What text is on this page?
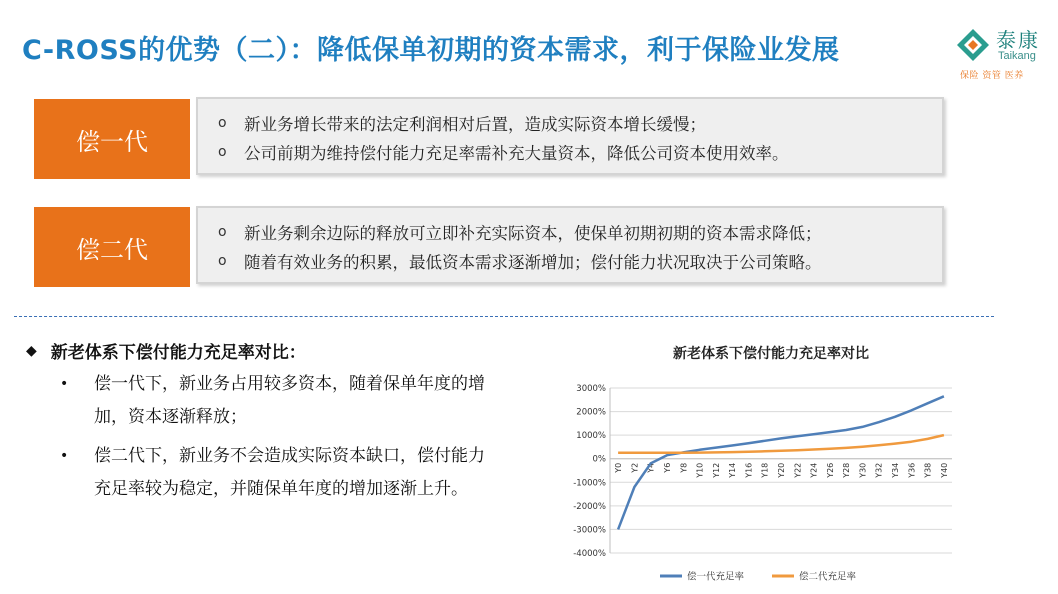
C-ROSS的优势（二）：降低保单初期的资本需求，利于保险业发展	泰康
Taikang
保险 资管 医养
偿一代
o	新业务增长带来的法定利润相对后置，造成实际资本增长缓慢；
o	公司前期为维持偿付能力充足率需补充大量资本，降低公司资本使用效率。
偿二代
o	新业务剩余边际的释放可立即补充实际资本，使保单初期初期的资本需求降低；
o	随着有效业务的积累，最低资本需求逐渐增加；偿付能力状况取决于公司策略。
◆ 新老体系下偿付能力充足率对比：
•	偿一代下，新业务占用较多资本，随着保单年度的增加，资本逐渐释放；
•	偿二代下，新业务不会造成实际资本缺口，偿付能力充足率较为稳定，并随保单年度的增加逐渐上升。
新老体系下偿付能力充足率对比
3000%
2000%
1000%
0%
-1000%
-2000%
-3000%
-4000%
Y0 Y2 Y4 Y6 Y8 Y10 Y12 Y14 Y16 Y18 Y20 Y22 Y24 Y26 Y28 Y30 Y32 Y34 Y36 Y38 Y40
偿一代充足率	偿二代充足率
